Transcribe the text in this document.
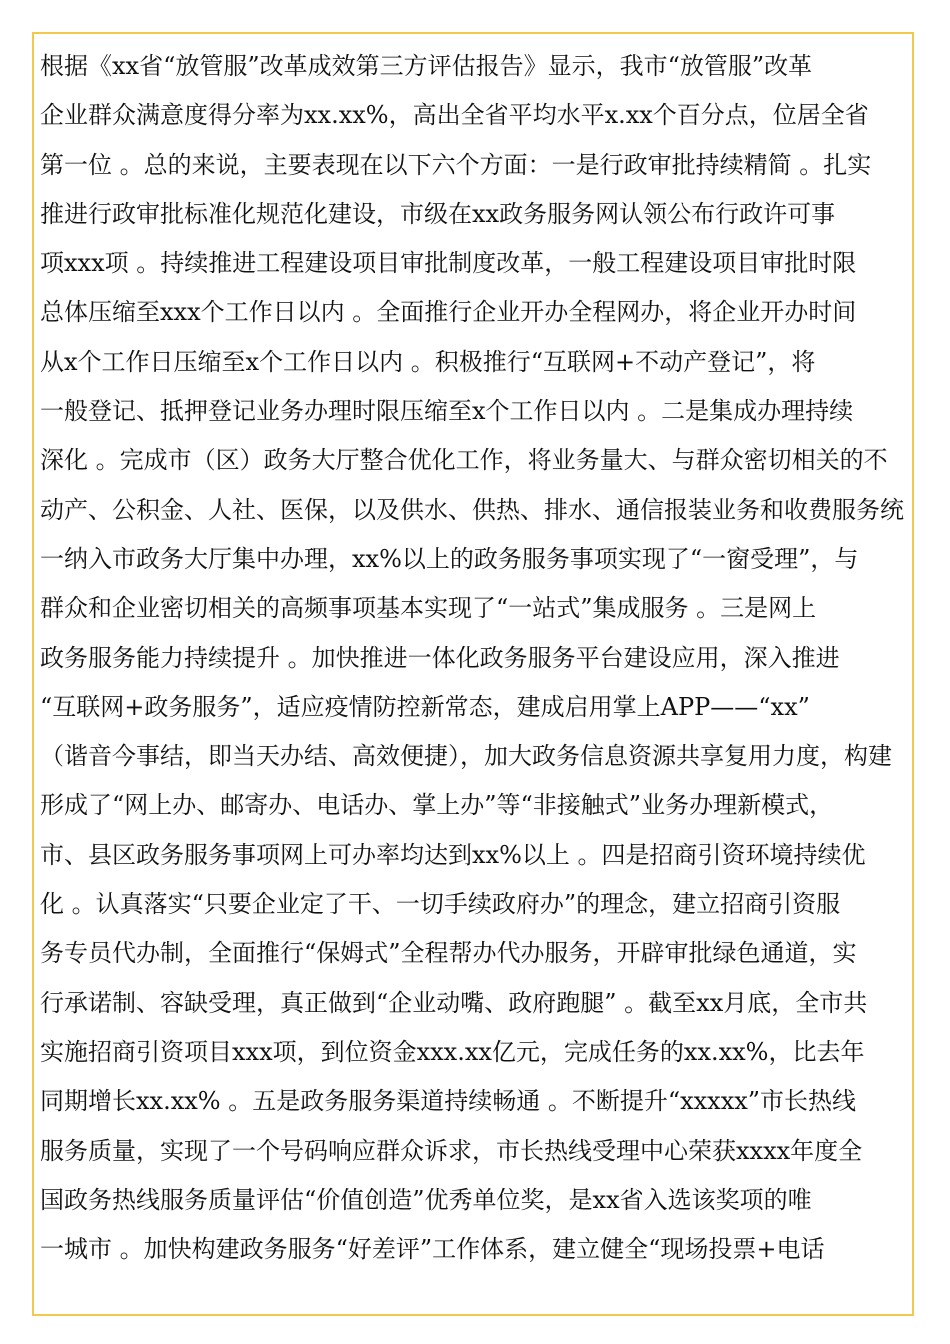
根据《xx省“放管服”改革成效第三方评估报告》显示，我市“放管服”改革
企业群众满意度得分率为xx.xx%，高出全省平均水平x.xx个百分点，位居全省
第一位 。总的来说，主要表现在以下六个方面：一是行政审批持续精简 。扎实
推进行政审批标准化规范化建设，市级在xx政务服务网认领公布行政许可事
项xxx项 。持续推进工程建设项目审批制度改革，一般工程建设项目审批时限
总体压缩至xxx个工作日以内 。全面推行企业开办全程网办，将企业开办时间
从x个工作日压缩至x个工作日以内 。积极推行“互联网+不动产登记”，将
一般登记、抵押登记业务办理时限压缩至x个工作日以内 。二是集成办理持续
深化 。完成市（区）政务大厅整合优化工作，将业务量大、与群众密切相关的不
动产、公积金、人社、医保，以及供水、供热、排水、通信报装业务和收费服务统
一纳入市政务大厅集中办理，xx%以上的政务服务事项实现了“一窗受理”，与
群众和企业密切相关的高频事项基本实现了“一站式”集成服务 。三是网上
政务服务能力持续提升 。加快推进一体化政务服务平台建设应用，深入推进
“互联网+政务服务”，适应疫情防控新常态，建成启用掌上APP——“xx”
（谐音今事结，即当天办结、高效便捷），加大政务信息资源共享复用力度，构建
形成了“网上办、邮寄办、电话办、掌上办”等“非接触式”业务办理新模式，
市、县区政务服务事项网上可办率均达到xx%以上 。四是招商引资环境持续优
化 。认真落实“只要企业定了干、一切手续政府办”的理念，建立招商引资服
务专员代办制，全面推行“保姆式”全程帮办代办服务，开辟审批绿色通道，实
行承诺制、容缺受理，真正做到“企业动嘴、政府跑腿” 。截至xx月底，全市共
实施招商引资项目xxx项，到位资金xxx.xx亿元，完成任务的xx.xx%，比去年
同期增长xx.xx% 。五是政务服务渠道持续畅通 。不断提升“xxxxx”市长热线
服务质量，实现了一个号码响应群众诉求，市长热线受理中心荣获xxxx年度全
国政务热线服务质量评估“价值创造”优秀单位奖，是xx省入选该奖项的唯
一城市 。加快构建政务服务“好差评”工作体系，建立健全“现场投票+电话
